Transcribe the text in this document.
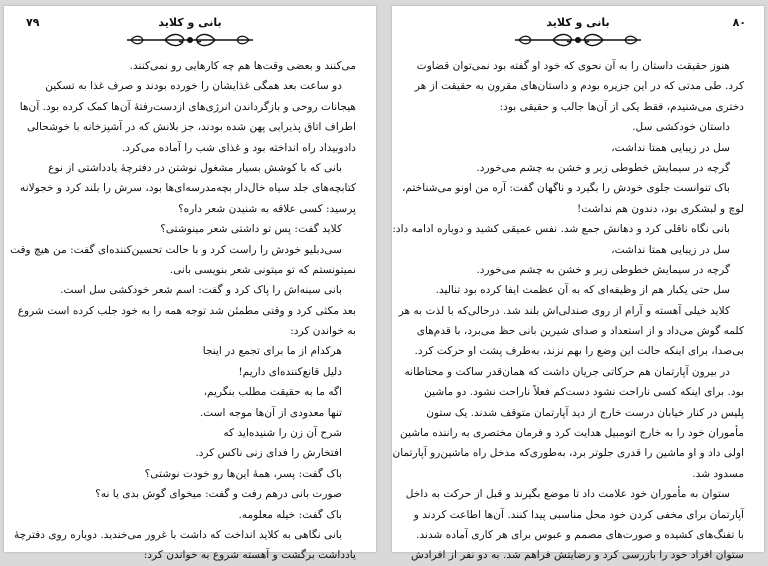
بانی و کلاید
۷۹
می‌کنند و بعضی وقت‌ها هم چه کارهایی رو نمی‌کنند.
دو ساعت بعد همگی غذایشان را خورده بودند و صرف غذا به تسکین
هیجانات روحی و بازگرداندن انرژی‌های ازدست‌رفتهٔ آن‌ها کمک کرده بود. آن‌ها
اطراف اتاق پذیرایی پهن شده بودند، جز بلانش که در آشپزخانه با خوشحالی
دادوبیداد راه انداخته بود و غذای شب را آماده می‌کرد.
بانی که با کوشش بسیار مشغول نوشتن در دفترچهٔ یادداشتی از نوع
کتابچه‌های جلد سیاه خال‌دار بچه‌مدرسه‌ای‌ها بود، سرش را بلند کرد و خجولانه
پرسید: کسی علاقه به شنیدن شعر داره؟
کلاید گفت: پس تو داشتی شعر مینوشتی؟
سی‌دبلیو خودش را راست کرد و با حالت تحسین‌کننده‌ای گفت: من هیچ وقت
نمیتونستم که تو میتونی شعر بنویسی بانی.
بانی سینه‌اش را پاک کرد و گفت: اسم شعر خودکشی سل است.
بعد مکثی کرد و وقتی مطمئن شد توجه همه را به خود جلب کرده است شروع
به خواندن کرد:
هرکدام از ما برای تجمع در اینجا
دلیل قانع‌کننده‌ای داریم!
اگه ما به حقیقت مطلب بنگریم،
تنها معدودی از آن‌ها موجه است.
شرح آن زن را شنیده‌اید که
افتخارش را فدای زنی ناکس کرد.
باک گفت: پسر، همهٔ این‌ها رو خودت نوشتی؟
صورت بانی درهم رفت و گفت: میخوای گوش بدی یا نه؟
باک گفت: خیله معلومه.
بانی نگاهی به کلاید انداخت که داشت با غرور می‌خندید. دوباره روی دفترچهٔ
یادداشت برگشت و آهسته شروع به خواندن کرد:
بانی و کلاید	۸۰
هنوز حقیقت داستان را به آن نحوی که خود او گفته بود نمی‌توان قضاوت
کرد. طی مدتی که در این جزیره بودم و داستان‌های مقرون به حقیقت از هر
دختری می‌شنیدم، فقط یکی از آن‌ها جالب و حقیقی بود:
داستان خودکشی سل.
سل در زیبایی همتا نداشت،
گرچه در سیمایش خطوطی زبر و خشن به چشم می‌خورد.
باک تنوانست جلوی خودش را بگیرد و ناگهان گفت: آره من اونو می‌شناختم،
لوچ و لبشکری بود، دندون هم نداشت!
بانی نگاه ناقلی کرد و دهانش جمع شد. نفس عمیقی کشید و دوباره ادامه داد:
سل در زیبایی همتا نداشت،
گرچه در سیمایش خطوطی زبر و خشن به چشم می‌خورد.
سل حتی یکبار هم از وظیفه‌ای که به آن عظمت ایفا کرده بود تنالید.
کلاید خیلی آهسته و آرام از روی صندلی‌اش بلند شد. درحالی‌که با لذت به هر
کلمه گوش می‌داد و از استعداد و صدای شیرین بانی حظ می‌برد، با قدم‌های
بی‌صدا، برای اینکه حالت این وضع را بهم نزند، به‌طرف پشت او حرکت کرد.
در بیرون آپارتمان هم حرکاتی جریان داشت که همان‌قدر ساکت و محتاطانه
بود. برای اینکه کسی ناراحت نشود دست‌کم فعلاً ناراحت نشود. دو ماشین
پلیس در کنار خیابان درست خارج از دید آپارتمان متوقف شدند. یک ستون
مأموران خود را به خارج اتومبیل هدایت کرد و فرمان مختصری به راننده ماشین
اولی داد و او ماشین را قدری جلوتر برد، به‌طوری‌که مدخل راه ماشین‌رو آپارتمان
مسدود شد.
ستوان به مأموران خود علامت داد تا موضع بگیرند و قبل از حرکت به داخل
آپارتمان برای مخفی کردن خود محل مناسبی پیدا کنند. آن‌ها اطاعت کردند و
با تفنگ‌های کشیده و صورت‌های مصمم و عبوس برای هر کاری آماده شدند.
ستوان افراد خود را بازرسی کرد و رضایتش فراهم شد. به دو نفر از افرادش
